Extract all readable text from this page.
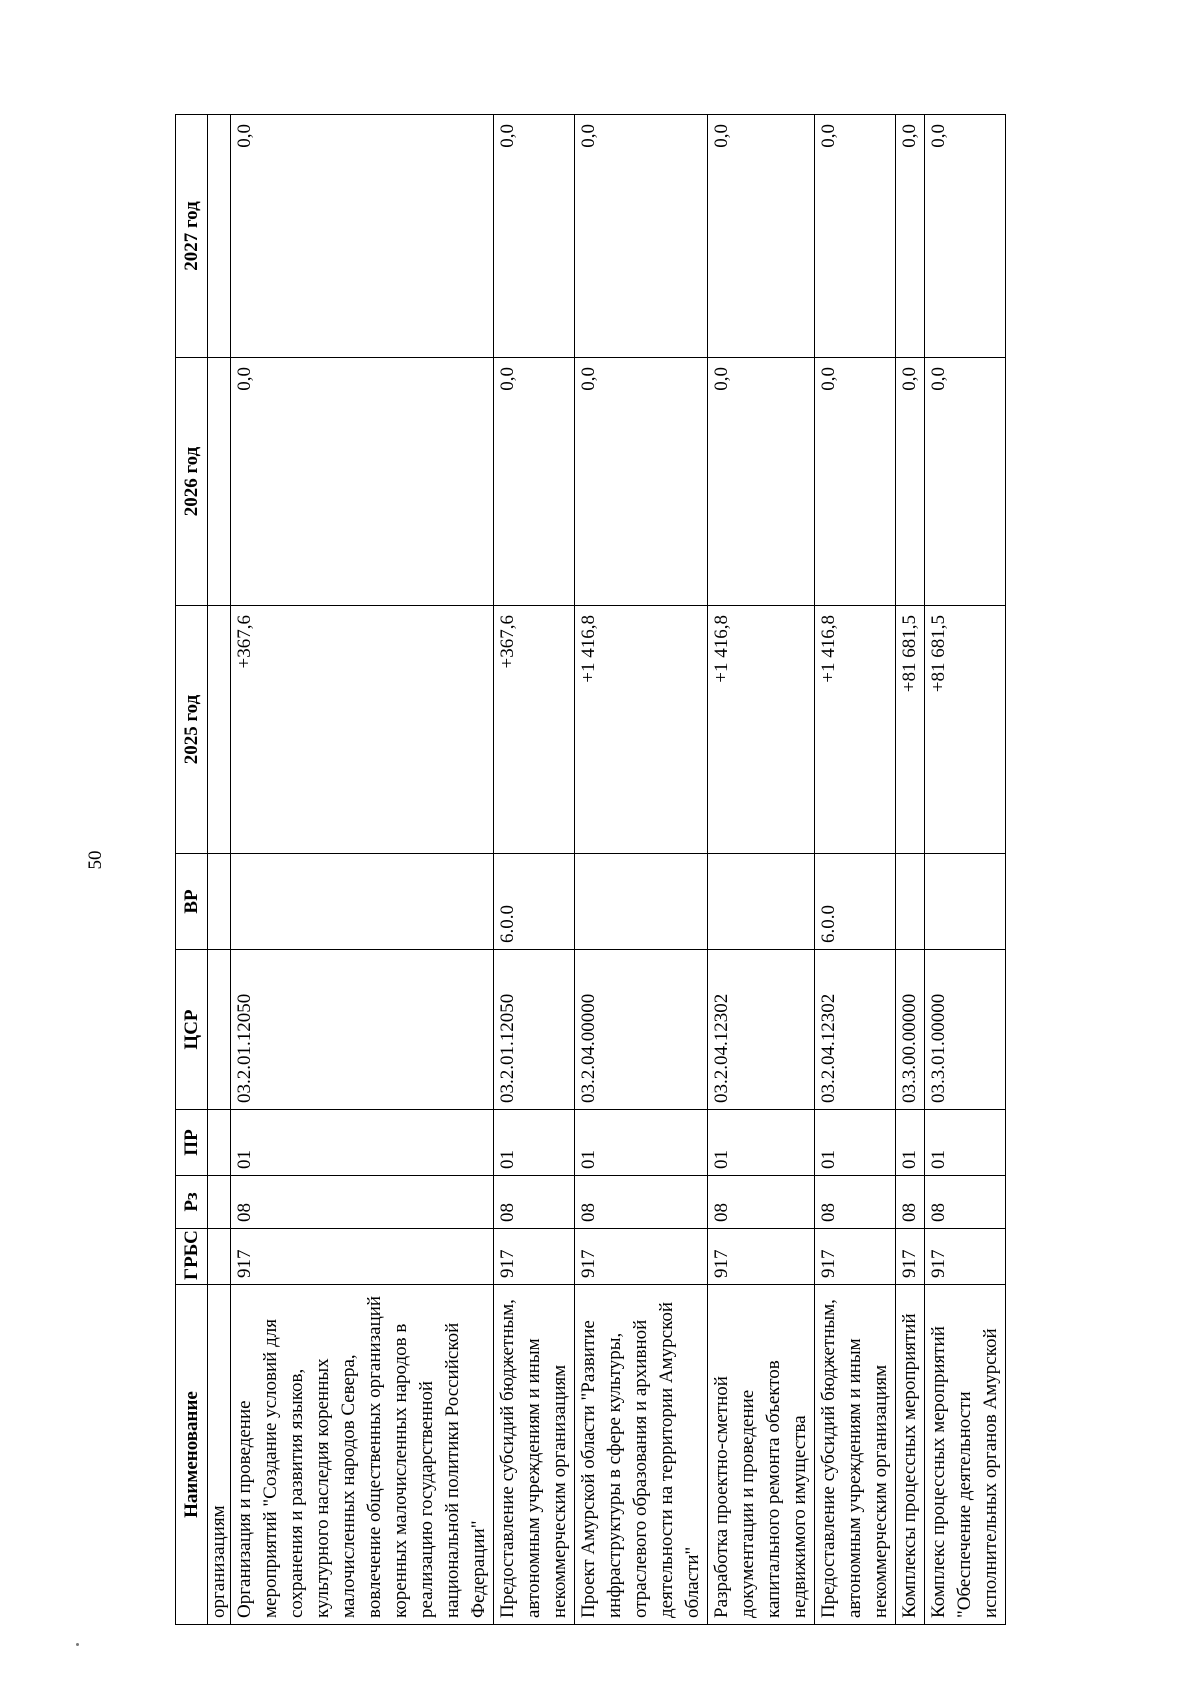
50
Наименование	ГРБС	Рз	ПР	ЦСР	ВР	2025 год	2026 год	2027 год
организациям								
Организация и проведение мероприятий "Создание условий для сохранения и развития языков, культурного наследия коренных малочисленных народов Севера, вовлечение общественных организаций коренных малочисленных народов в реализацию государственной национальной политики Российской Федерации"	917	08	01	03.2.01.12050		+367,6	0,0	0,0
Предоставление субсидий бюджетным, автономным учреждениям и иным некоммерческим организациям	917	08	01	03.2.01.12050	6.0.0	+367,6	0,0	0,0
Проект Амурской области "Развитие инфраструктуры в сфере культуры, отраслевого образования и архивной деятельности на территории Амурской области"	917	08	01	03.2.04.00000		+1 416,8	0,0	0,0
Разработка проектно-сметной документации и проведение капитального ремонта объектов недвижимого имущества	917	08	01	03.2.04.12302		+1 416,8	0,0	0,0
Предоставление субсидий бюджетным, автономным учреждениям и иным некоммерческим организациям	917	08	01	03.2.04.12302	6.0.0	+1 416,8	0,0	0,0
Комплексы процессных мероприятий	917	08	01	03.3.00.00000		+81 681,5	0,0	0,0
Комплекс процессных мероприятий "Обеспечение деятельности исполнительных органов Амурской	917	08	01	03.3.01.00000		+81 681,5	0,0	0,0
